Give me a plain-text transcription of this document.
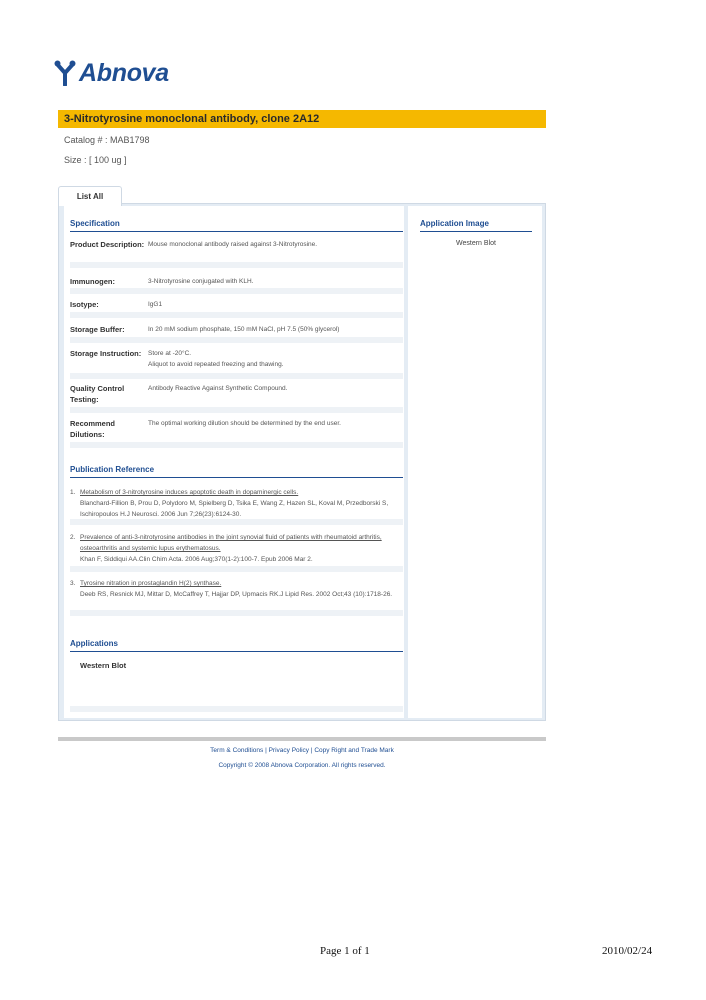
Abnova
3-Nitrotyrosine monoclonal antibody, clone 2A12
Catalog # : MAB1798
Size : [ 100 ug ]
List All
Specification
Product Description: Mouse monoclonal antibody raised against 3-Nitrotyrosine.
Immunogen:	3-Nitrotyrosine conjugated with KLH.
Isotype:	IgG1
Storage Buffer:	In 20 mM sodium phosphate, 150 mM NaCl, pH 7.5 (50% glycerol)
Storage Instruction:	Store at -20°C.
Aliquot to avoid repeated freezing and thawing.
Quality Control Testing:
Antibody Reactive Against Synthetic Compound.
Recommend Dilutions:
The optimal working dilution should be determined by the end user.
Publication Reference
1. Metabolism of 3-nitrotyrosine induces apoptotic death in dopaminergic cells.
Blanchard-Fillion B, Prou D, Polydoro M, Spielberg D, Tsika E, Wang Z, Hazen SL, Koval M, Przedborski S, Ischiropoulos H.J Neurosci. 2006 Jun 7;26(23):6124-30.
2. Prevalence of anti-3-nitrotyrosine antibodies in the joint synovial fluid of patients with rheumatoid arthritis, osteoarthritis and systemic lupus erythematosus.
Khan F, Siddiqui AA.Clin Chim Acta. 2006 Aug;370(1-2):100-7. Epub 2006 Mar 2.
3. Tyrosine nitration in prostaglandin H(2) synthase.
Deeb RS, Resnick MJ, Mittar D, McCaffrey T, Hajjar DP, Upmacis RK.J Lipid Res. 2002 Oct;43 (10):1718-26.
Applications
Western Blot
Application Image
Western Blot
Term & Conditions | Privacy Policy | Copy Right and Trade Mark
Copyright © 2008 Abnova Corporation. All rights reserved.
Page 1 of 1	2010/02/24
